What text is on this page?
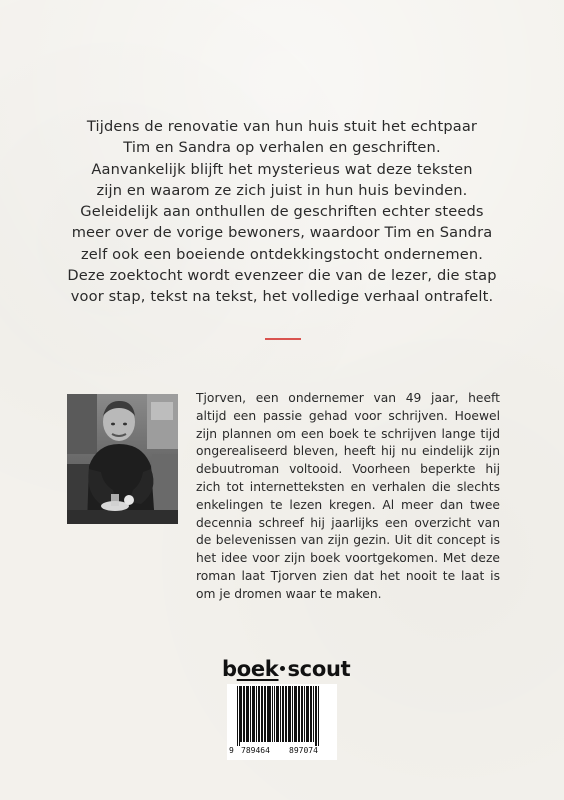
Tijdens de renovatie van hun huis stuit het echtpaar
Tim en Sandra op verhalen en geschriften.
Aanvankelijk blijft het mysterieus wat deze teksten
zijn en waarom ze zich juist in hun huis bevinden.
Geleidelijk aan onthullen de geschriften echter steeds
meer over de vorige bewoners, waardoor Tim en Sandra
zelf ook een boeiende ontdekkingstocht ondernemen.
Deze zoektocht wordt evenzeer die van de lezer, die stap
voor stap, tekst na tekst, het volledige verhaal ontrafelt.
Tjorven, een ondernemer van 49 jaar, heeft
altijd een passie gehad voor schrijven. Hoewel
zijn plannen om een boek te schrijven lange tijd
ongerealiseerd bleven, heeft hij nu eindelijk zijn
debuutroman voltooid. Voorheen beperkte hij
zich tot internetteksten en verhalen die slechts
enkelingen te lezen kregen. Al meer dan twee
decennia schreef hij jaarlijks een overzicht van
de belevenissen van zijn gezin. Uit dit concept is
het idee voor zijn boek voortgekomen. Met deze
roman laat Tjorven zien dat het nooit te laat is
om je dromen waar te maken.
boek scout
9 789464 897074
